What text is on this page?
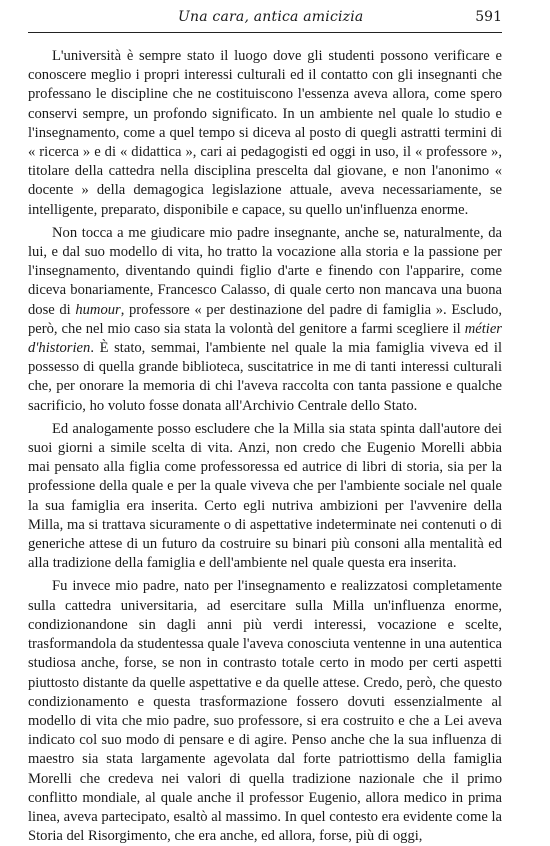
Una cara, antica amicizia	591

L'università è sempre stato il luogo dove gli studenti possono verificare e conoscere meglio i propri interessi culturali ed il contatto con gli insegnanti che professano le discipline che ne costituiscono l'essenza aveva allora, come spero conservi sempre, un profondo significato. In un ambiente nel quale lo studio e l'insegnamento, come a quel tempo si diceva al posto di quegli astratti termini di « ricerca » e di « didattica », cari ai pedagogisti ed oggi in uso, il « professore », titolare della cattedra nella disciplina prescelta dal giovane, e non l'anonimo « docente » della demagogica legislazione attuale, aveva necessariamente, se intelligente, preparato, disponibile e capace, su quello un'influenza enorme.

Non tocca a me giudicare mio padre insegnante, anche se, naturalmente, da lui, e dal suo modello di vita, ho tratto la vocazione alla storia e la passione per l'insegnamento, diventando quindi figlio d'arte e finendo con l'apparire, come diceva bonariamente, Francesco Calasso, di quale certo non mancava una buona dose di humour, professore « per destinazione del padre di famiglia ». Escludo, però, che nel mio caso sia stata la volontà del genitore a farmi scegliere il métier d'historien. È stato, semmai, l'ambiente nel quale la mia famiglia viveva ed il possesso di quella grande biblioteca, suscitatrice in me di tanti interessi culturali che, per onorare la memoria di chi l'aveva raccolta con tanta passione e qualche sacrificio, ho voluto fosse donata all'Archivio Centrale dello Stato.

Ed analogamente posso escludere che la Milla sia stata spinta dall'autore dei suoi giorni a simile scelta di vita. Anzi, non credo che Eugenio Morelli abbia mai pensato alla figlia come professoressa ed autrice di libri di storia, sia per la professione della quale e per la quale viveva che per l'ambiente sociale nel quale la sua famiglia era inserita. Certo egli nutriva ambizioni per l'avvenire della Milla, ma si trattava sicuramente o di aspettative indeterminate nei contenuti o di generiche attese di un futuro da costruire su binari più consoni alla mentalità ed alla tradizione della famiglia e dell'ambiente nel quale questa era inserita.

Fu invece mio padre, nato per l'insegnamento e realizzatosi completamente sulla cattedra universitaria, ad esercitare sulla Milla un'influenza enorme, condizionandone sin dagli anni più verdi interessi, vocazione e scelte, trasformandola da studentessa quale l'aveva conosciuta ventenne in una autentica studiosa anche, forse, se non in contrasto totale certo in modo per certi aspetti piuttosto distante da quelle aspettative e da quelle attese. Credo, però, che questo condizionamento e questa trasformazione fossero dovuti essenzialmente al modello di vita che mio padre, suo professore, si era costruito e che a Lei aveva indicato col suo modo di pensare e di agire. Penso anche che la sua influenza di maestro sia stata largamente agevolata dal forte patriottismo della famiglia Morelli che credeva nei valori di quella tradizione nazionale che il primo conflitto mondiale, al quale anche il professor Eugenio, allora medico in prima linea, aveva partecipato, esaltò al massimo. In quel contesto era evidente come la Storia del Risorgimento, che era anche, ed allora, forse, più di oggi,
